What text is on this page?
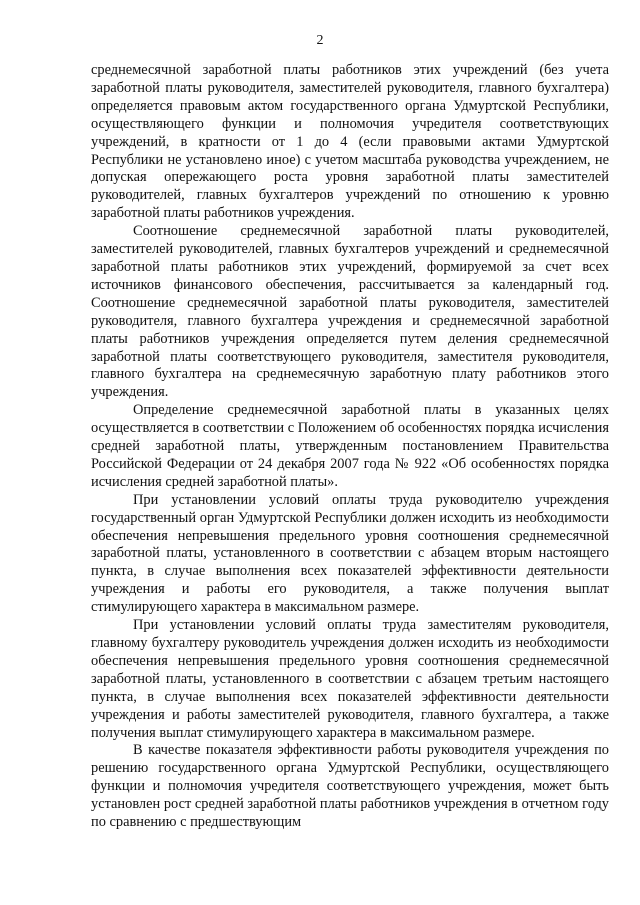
2

среднемесячной заработной платы работников этих учреждений (без учета заработной платы руководителя, заместителей руководителя, главного бухгалтера) определяется правовым актом государственного органа Удмуртской Республики, осуществляющего функции и полномочия учредителя соответствующих учреждений, в кратности от 1 до 4 (если правовыми актами Удмуртской Республики не установлено иное) с учетом масштаба руководства учреждением, не допуская опережающего роста уровня заработной платы заместителей руководителей, главных бухгалтеров учреждений по отношению к уровню заработной платы работников учреждения.

Соотношение среднемесячной заработной платы руководителей, заместителей руководителей, главных бухгалтеров учреждений и среднемесячной заработной платы работников этих учреждений, формируемой за счет всех источников финансового обеспечения, рассчитывается за календарный год. Соотношение среднемесячной заработной платы руководителя, заместителей руководителя, главного бухгалтера учреждения и среднемесячной заработной платы работников учреждения определяется путем деления среднемесячной заработной платы соответствующего руководителя, заместителя руководителя, главного бухгалтера на среднемесячную заработную плату работников этого учреждения.

Определение среднемесячной заработной платы в указанных целях осуществляется в соответствии с Положением об особенностях порядка исчисления средней заработной платы, утвержденным постановлением Правительства Российской Федерации от 24 декабря 2007 года № 922 «Об особенностях порядка исчисления средней заработной платы».

При установлении условий оплаты труда руководителю учреждения государственный орган Удмуртской Республики должен исходить из необходимости обеспечения непревышения предельного уровня соотношения среднемесячной заработной платы, установленного в соответствии с абзацем вторым настоящего пункта, в случае выполнения всех показателей эффективности деятельности учреждения и работы его руководителя, а также получения выплат стимулирующего характера в максимальном размере.

При установлении условий оплаты труда заместителям руководителя, главному бухгалтеру руководитель учреждения должен исходить из необходимости обеспечения непревышения предельного уровня соотношения среднемесячной заработной платы, установленного в соответствии с абзацем третьим настоящего пункта, в случае выполнения всех показателей эффективности деятельности учреждения и работы заместителей руководителя, главного бухгалтера, а также получения выплат стимулирующего характера в максимальном размере.

В качестве показателя эффективности работы руководителя учреждения по решению государственного органа Удмуртской Республики, осуществляющего функции и полномочия учредителя соответствующего учреждения, может быть установлен рост средней заработной платы работников учреждения в отчетном году по сравнению с предшествующим
